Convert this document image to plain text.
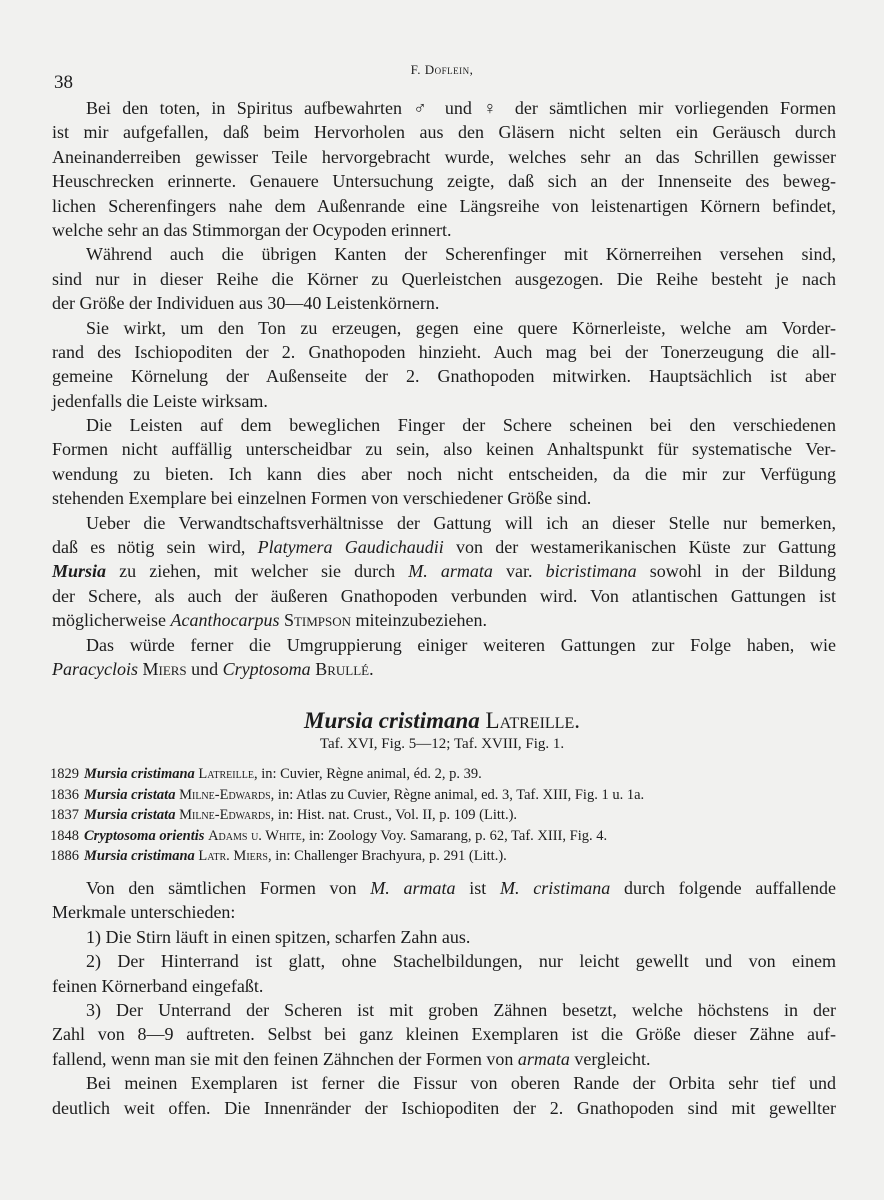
38
F. Doflein,
Bei den toten, in Spiritus aufbewahrten ♂ und ♀ der sämtlichen mir vorliegenden Formen
ist mir aufgefallen, daß beim Hervorholen aus den Gläsern nicht selten ein Geräusch durch
Aneinanderreiben gewisser Teile hervorgebracht wurde, welches sehr an das Schrillen gewisser
Heuschrecken erinnerte. Genauere Untersuchung zeigte, daß sich an der Innenseite des beweg-
lichen Scherenfingers nahe dem Außenrande eine Längsreihe von leistenartigen Körnern befindet,
welche sehr an das Stimmorgan der Ocypoden erinnert.
Während auch die übrigen Kanten der Scherenfinger mit Körnerreihen versehen sind,
sind nur in dieser Reihe die Körner zu Querleistchen ausgezogen. Die Reihe besteht je nach
der Größe der Individuen aus 30—40 Leistenkörnern.
Sie wirkt, um den Ton zu erzeugen, gegen eine quere Körnerleiste, welche am Vorder-
rand des Ischiopoditen der 2. Gnathopoden hinzieht. Auch mag bei der Tonerzeugung die all-
gemeine Körnelung der Außenseite der 2. Gnathopoden mitwirken. Hauptsächlich ist aber
jedenfalls die Leiste wirksam.
Die Leisten auf dem beweglichen Finger der Schere scheinen bei den verschiedenen
Formen nicht auffällig unterscheidbar zu sein, also keinen Anhaltspunkt für systematische Ver-
wendung zu bieten. Ich kann dies aber noch nicht entscheiden, da die mir zur Verfügung
stehenden Exemplare bei einzelnen Formen von verschiedener Größe sind.
Ueber die Verwandtschaftsverhältnisse der Gattung will ich an dieser Stelle nur bemerken,
daß es nötig sein wird, Platymera Gaudichaudii von der westamerikanischen Küste zur Gattung
Mursia zu ziehen, mit welcher sie durch M. armata var. bicristimana sowohl in der Bildung
der Schere, als auch der äußeren Gnathopoden verbunden wird. Von atlantischen Gattungen ist
möglicherweise Acanthocarpus Stimpson miteinzubeziehen.
Das würde ferner die Umgruppierung einiger weiteren Gattungen zur Folge haben, wie
Paracyclois Miers und Cryptosoma Brullé.
Mursia cristimana Latreille.
Taf. XVI, Fig. 5—12; Taf. XVIII, Fig. 1.
1829 Mursia cristimana Latreille, in: Cuvier, Règne animal, éd. 2, p. 39.
1836 Mursia cristata Milne-Edwards, in: Atlas zu Cuvier, Règne animal, ed. 3, Taf. XIII, Fig. 1 u. 1a.
1837 Mursia cristata Milne-Edwards, in: Hist. nat. Crust., Vol. II, p. 109 (Litt.).
1848 Cryptosoma orientis Adams u. White, in: Zoology Voy. Samarang, p. 62, Taf. XIII, Fig. 4.
1886 Mursia cristimana Latr. Miers, in: Challenger Brachyura, p. 291 (Litt.).
Von den sämtlichen Formen von M. armata ist M. cristimana durch folgende auffallende
Merkmale unterschieden:
1) Die Stirn läuft in einen spitzen, scharfen Zahn aus.
2) Der Hinterrand ist glatt, ohne Stachelbildungen, nur leicht gewellt und von einem
feinen Körnerband eingefaßt.
3) Der Unterrand der Scheren ist mit groben Zähnen besetzt, welche höchstens in der
Zahl von 8—9 auftreten. Selbst bei ganz kleinen Exemplaren ist die Größe dieser Zähne auf-
fallend, wenn man sie mit den feinen Zähnchen der Formen von armata vergleicht.
Bei meinen Exemplaren ist ferner die Fissur von oberen Rande der Orbita sehr tief und
deutlich weit offen. Die Innenränder der Ischiopoditen der 2. Gnathopoden sind mit gewellter
